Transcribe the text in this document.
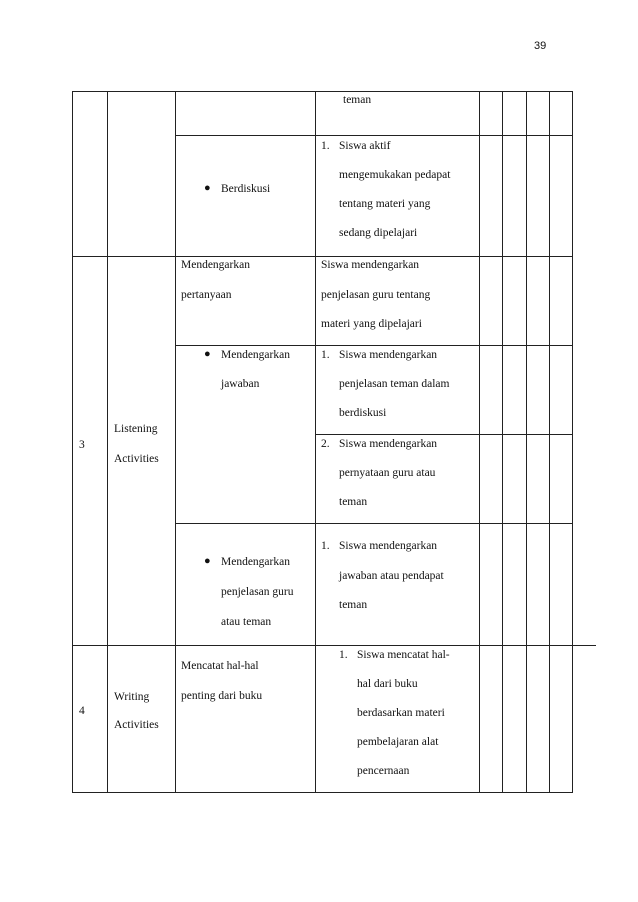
39
teman
● Berdiskusi
1. Siswa aktif
mengemukakan pedapat
tentang materi yang
sedang dipelajari
3
Listening
Activities
Mendengarkan
pertanyaan
Siswa mendengarkan
penjelasan guru tentang
materi yang dipelajari
● Mendengarkan
jawaban
1. Siswa mendengarkan
penjelasan teman dalam
berdiskusi
2. Siswa mendengarkan
pernyataan guru atau
teman
● Mendengarkan
penjelasan guru
atau teman
1. Siswa mendengarkan
jawaban atau pendapat
teman
4
Writing
Activities
Mencatat hal-hal
penting dari buku
1. Siswa mencatat hal-
hal dari buku
berdasarkan materi
pembelajaran alat
pencernaan
